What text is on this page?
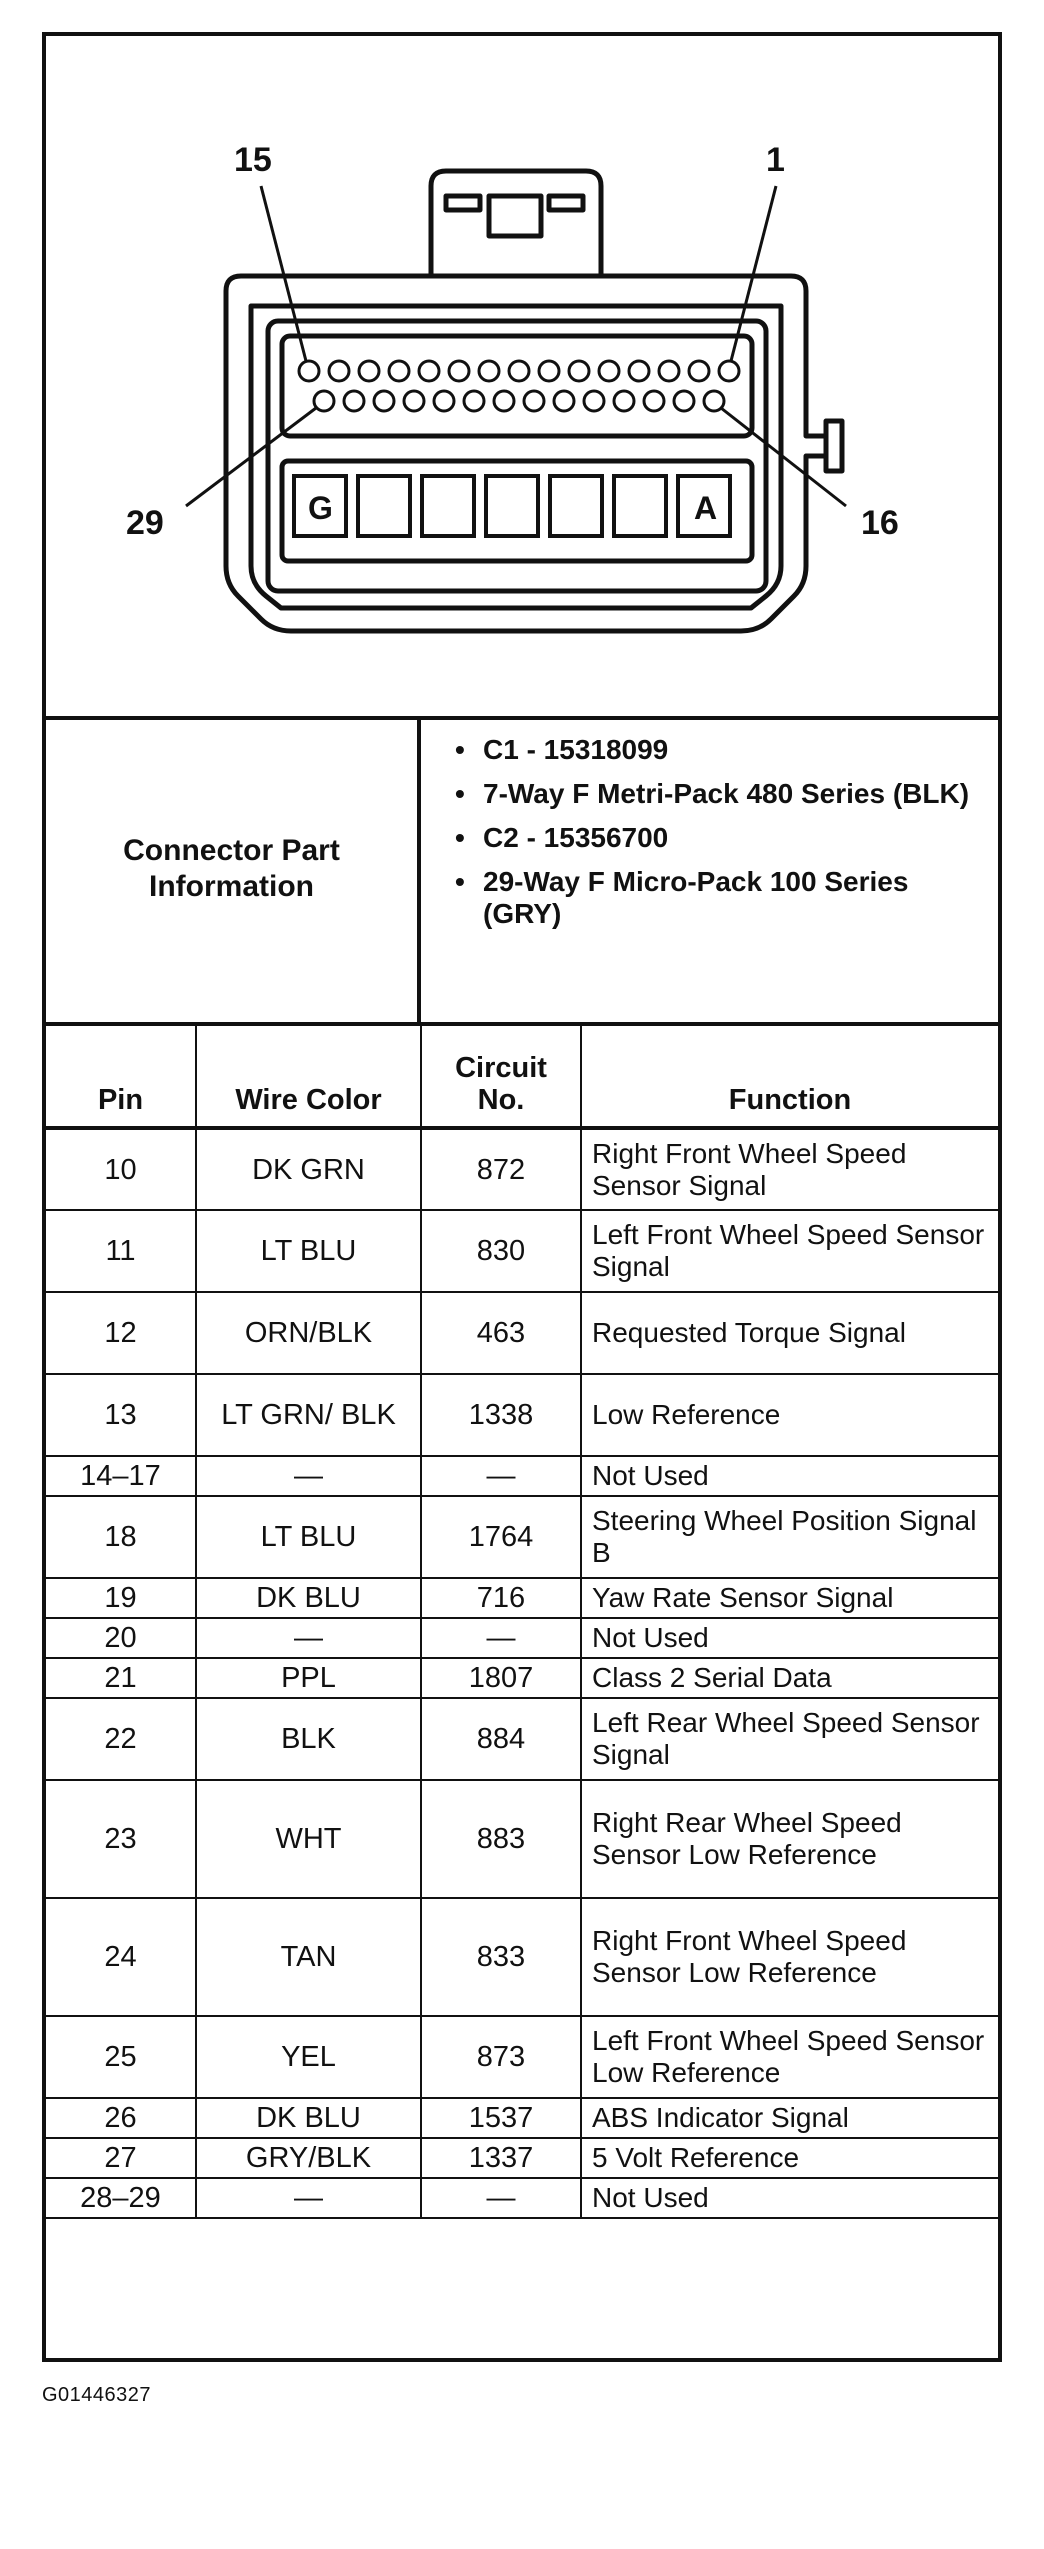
15	1
29	16
G	A
Connector Part Information
• C1 - 15318099
• 7-Way F Metri-Pack 480 Series (BLK)
• C2 - 15356700
• 29-Way F Micro-Pack 100 Series (GRY)
Pin	Wire Color	Circuit No.	Function
10	DK GRN	872	Right Front Wheel Speed Sensor Signal
11	LT BLU	830	Left Front Wheel Speed Sensor Signal
12	ORN/BLK	463	Requested Torque Signal
13	LT GRN/ BLK	1338	Low Reference
14–17	—	—	Not Used
18	LT BLU	1764	Steering Wheel Position Signal B
19	DK BLU	716	Yaw Rate Sensor Signal
20	—	—	Not Used
21	PPL	1807	Class 2 Serial Data
22	BLK	884	Left Rear Wheel Speed Sensor Signal
23	WHT	883	Right Rear Wheel Speed Sensor Low Reference
24	TAN	833	Right Front Wheel Speed Sensor Low Reference
25	YEL	873	Left Front Wheel Speed Sensor Low Reference
26	DK BLU	1537	ABS Indicator Signal
27	GRY/BLK	1337	5 Volt Reference
28–29	—	—	Not Used
G01446327
